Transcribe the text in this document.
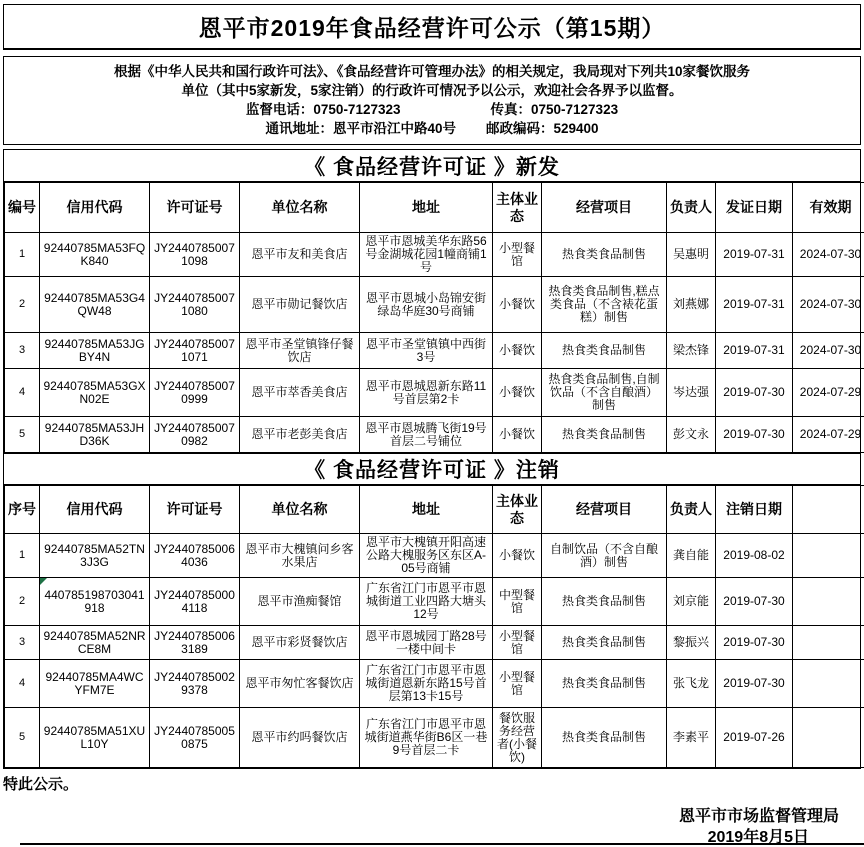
恩平市2019年食品经营许可公示（第15期）
根据《中华人民共和国行政许可法》、《食品经营许可管理办法》的相关规定，我局现对下列共10家餐饮服务
单位（其中5家新发，5家注销）的行政许可情况予以公示，欢迎社会各界予以监督。
监督电话：0750-7127323	传真：0750-7127323
通讯地址：恩平市沿江中路40号 邮政编码：529400
《 食品经营许可证 》新发
编号	信用代码	许可证号	单位名称	地址	主体业态	经营项目	负责人	发证日期	有效期
1	92440785MA53FQK840	JY24407850071098	恩平市友和美食店	恩平市恩城美华东路56号金湖城花园1幢商铺1号	小型餐馆	热食类食品制售	吴惠明	2019-07-31	2024-07-30
2	92440785MA53G4QW48	JY24407850071080	恩平市勋记餐饮店	恩平市恩城小岛锦安街绿岛华庭30号商铺	小餐饮	热食类食品制售,糕点类食品（不含裱花蛋糕）制售	刘燕娜	2019-07-31	2024-07-30
3	92440785MA53JGBY4N	JY24407850071071	恩平市圣堂镇锋仔餐饮店	恩平市圣堂镇镇中西街3号	小餐饮	热食类食品制售	梁杰锋	2019-07-31	2024-07-30
4	92440785MA53GXN02E	JY24407850070999	恩平市萃香美食店	恩平市恩城恩新东路11号首层第2卡	小餐饮	热食类食品制售,自制饮品（不含自酿酒）制售	岑达强	2019-07-30	2024-07-29
5	92440785MA53JHD36K	JY24407850070982	恩平市老彭美食店	恩平市恩城腾飞街19号首层二号铺位	小餐饮	热食类食品制售	彭文永	2019-07-30	2024-07-29
《 食品经营许可证 》注销
序号	信用代码	许可证号	单位名称	地址	主体业态	经营项目	负责人	注销日期	
1	92440785MA52TN3J3G	JY24407850064036	恩平市大槐镇问乡客水果店	恩平市大槐镇开阳高速公路大槐服务区东区A-05号商铺	小餐饮	自制饮品（不含自酿酒）制售	龚自能	2019-08-02	
2	440785198703041918	JY24407850004118	恩平市渔痴餐馆	广东省江门市恩平市恩城街道工业四路大塘头12号	中型餐馆	热食类食品制售	刘京能	2019-07-30	
3	92440785MA52NRCE8M	JY24407850063189	恩平市彩贤餐饮店	恩平市恩城园丁路28号一楼中间卡	小型餐馆	热食类食品制售	黎振兴	2019-07-30	
4	92440785MA4WCYFM7E	JY24407850029378	恩平市匆忙客餐饮店	广东省江门市恩平市恩城街道恩新东路15号首层第13卡15号	小型餐馆	热食类食品制售	张飞龙	2019-07-30	
5	92440785MA51XUL10Y	JY24407850050875	恩平市约吗餐饮店	广东省江门市恩平市恩城街道燕华街B6区一巷9号首层二卡	餐饮服务经营者(小餐饮)	热食类食品制售	李素平	2019-07-26	
特此公示。
恩平市市场监督管理局
2019年8月5日
